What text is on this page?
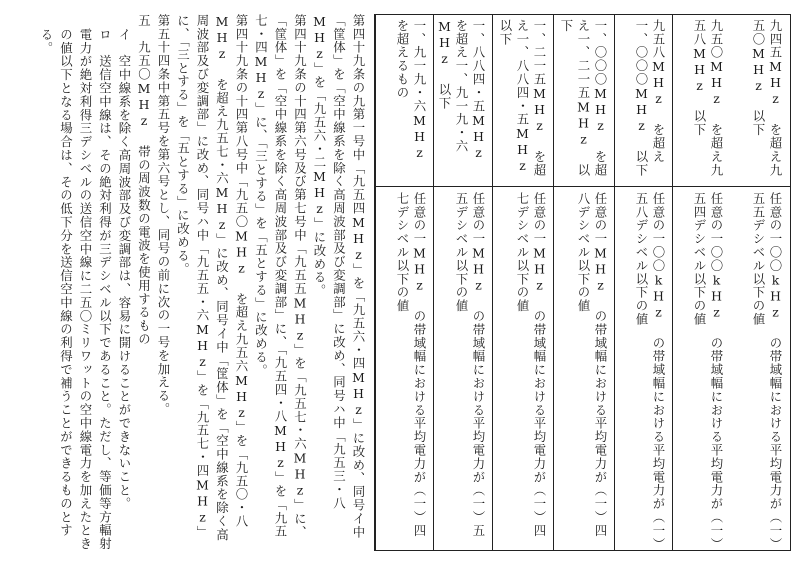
第四十九条の九第一号中「九五四MHz」を「九五六・四MHz」に改め、同号イ中「筐体」を「空中線系を除く高周波部及び変調部」に改め、同号ハ中「九五三・八MHz」を「九五六・二MHz」に改める。

第四十九条の十四第六号及び第七号中「九五五MHz」を「九五七・六MHz」に、「筐体」を「空中線系を除く高周波部及び変調部」に、「九五四・八MHz」を「九五七・四MHz」に、「三とする」を「五とする」に改める。

第四十九条の十四第八号中「九五〇MHz を超え九五六MHz」を「九五〇・八MHz を超え九五七・六MHz」に改め、同号イ中「筐体」を「空中線系を除く高周波部及び変調部」に改め、同号ハ中「九五五・六MHz」を「九五七・四MHz」に、「三とする」を「五とする」に改める。

第五十四条中第五号を第六号とし、同号の前に次の一号を加える。

五　九五〇MHz 帯の周波数の電波を使用するもの

イ　空中線系を除く高周波部及び変調部は、容易に開けることができないこと。

ロ　送信空中線は、その絶対利得が三デシベル以下であること。ただし、等価等方輻射電力が絶対利得三デシベルの送信空中線に二五〇ミリワットの空中線電力を加えたときの値以下となる場合は、その低下分を送信空中線の利得で補うことができるものとする。	九四五MHz を超え九五〇MHz 以下
任意の一〇〇kHz の帯域幅における平均電力が（一）五五デシベル以下の値
九五〇MHz を超え九五八MHz 以下
任意の一〇〇kHz の帯域幅における平均電力が（一）五四デシベル以下の値
九五八MHz を超え一、〇〇〇MHz 以下
任意の一〇〇kHz の帯域幅における平均電力が（一）五八デシベル以下の値
一、〇〇〇MHz を超え一、二一五MHz 以下
任意の一MHz の帯域幅における平均電力が（一）四八デシベル以下の値
一、二一五MHz を超え一、八八四・五MHz 以下
任意の一MHz の帯域幅における平均電力が（一）四七デシベル以下の値
一、八八四・五MHz を超え一、九一九・六MHz 以下
任意の一MHz の帯域幅における平均電力が（一）五五デシベル以下の値
一、九一九・六MHz を超えるもの
任意の一MHz の帯域幅における平均電力が（一）四七デシベル以下の値
